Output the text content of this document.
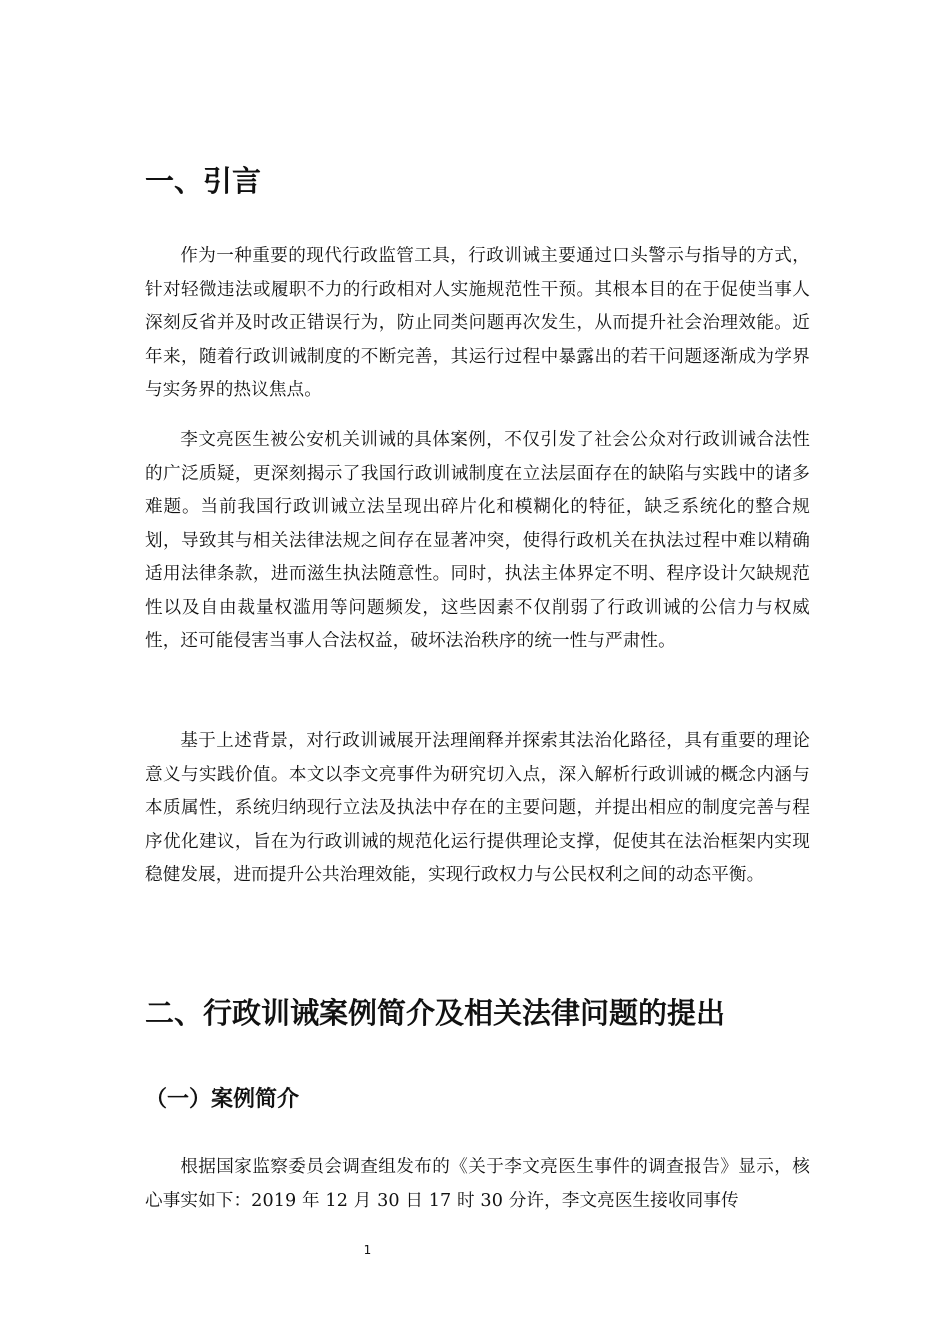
一、引言

作为一种重要的现代行政监管工具，行政训诫主要通过口头警示与指导的方式，针对轻微违法或履职不力的行政相对人实施规范性干预。其根本目的在于促使当事人深刻反省并及时改正错误行为，防止同类问题再次发生，从而提升社会治理效能。近年来，随着行政训诫制度的不断完善，其运行过程中暴露出的若干问题逐渐成为学界与实务界的热议焦点。

李文亮医生被公安机关训诫的具体案例，不仅引发了社会公众对行政训诫合法性的广泛质疑，更深刻揭示了我国行政训诫制度在立法层面存在的缺陷与实践中的诸多难题。当前我国行政训诫立法呈现出碎片化和模糊化的特征，缺乏系统化的整合规划，导致其与相关法律法规之间存在显著冲突，使得行政机关在执法过程中难以精确适用法律条款，进而滋生执法随意性。同时，执法主体界定不明、程序设计欠缺规范性以及自由裁量权滥用等问题频发，这些因素不仅削弱了行政训诫的公信力与权威性，还可能侵害当事人合法权益，破坏法治秩序的统一性与严肃性。

基于上述背景，对行政训诫展开法理阐释并探索其法治化路径，具有重要的理论意义与实践价值。本文以李文亮事件为研究切入点，深入解析行政训诫的概念内涵与本质属性，系统归纳现行立法及执法中存在的主要问题，并提出相应的制度完善与程序优化建议，旨在为行政训诫的规范化运行提供理论支撑，促使其在法治框架内实现稳健发展，进而提升公共治理效能，实现行政权力与公民权利之间的动态平衡。

二、行政训诫案例简介及相关法律问题的提出
（一）案例简介

根据国家监察委员会调查组发布的《关于李文亮医生事件的调查报告》显示，核心事实如下：2019 年 12 月 30 日 17 时 30 分许，李文亮医生接收同事传

1
